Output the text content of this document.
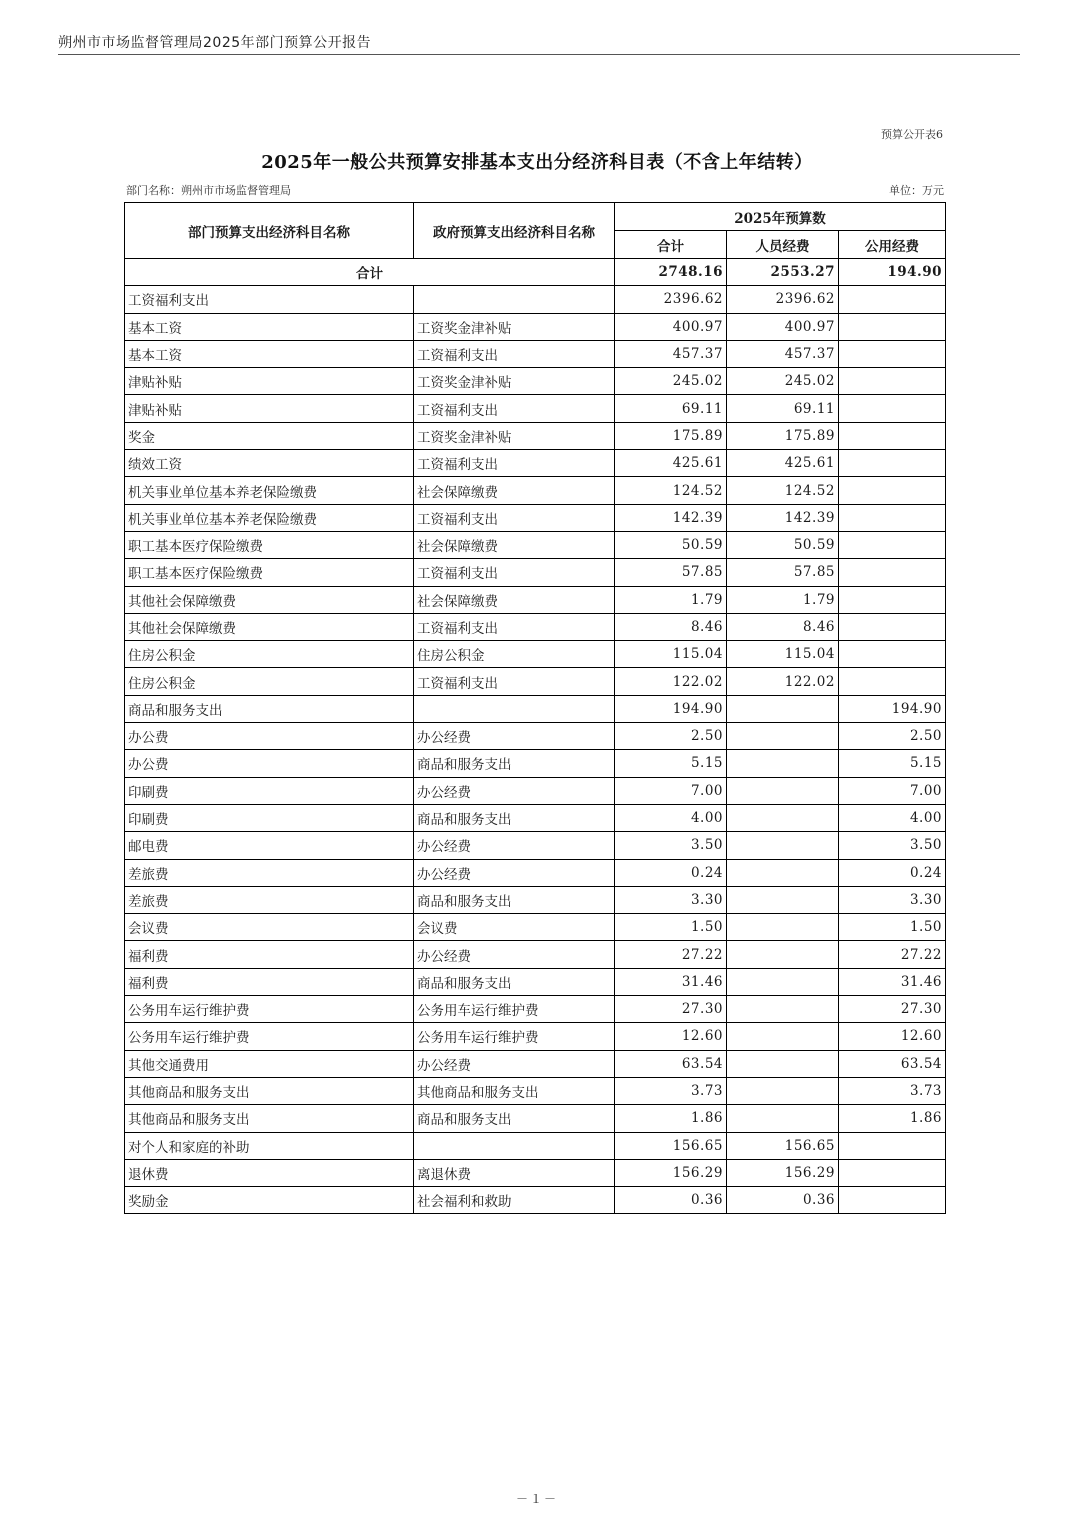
朔州市市场监督管理局2025年部门预算公开报告
预算公开表6
2025年一般公共预算安排基本支出分经济科目表（不含上年结转）
部门名称：朔州市市场监督管理局	单位：万元
部门预算支出经济科目名称	政府预算支出经济科目名称	2025年预算数		
		合计	人员经费	公用经费
合计		2748.16	2553.27	194.90
工资福利支出		2396.62	2396.62	
基本工资	工资奖金津补贴	400.97	400.97	
基本工资	工资福利支出	457.37	457.37	
津贴补贴	工资奖金津补贴	245.02	245.02	
津贴补贴	工资福利支出	69.11	69.11	
奖金	工资奖金津补贴	175.89	175.89	
绩效工资	工资福利支出	425.61	425.61	
机关事业单位基本养老保险缴费	社会保障缴费	124.52	124.52	
机关事业单位基本养老保险缴费	工资福利支出	142.39	142.39	
职工基本医疗保险缴费	社会保障缴费	50.59	50.59	
职工基本医疗保险缴费	工资福利支出	57.85	57.85	
其他社会保障缴费	社会保障缴费	1.79	1.79	
其他社会保障缴费	工资福利支出	8.46	8.46	
住房公积金	住房公积金	115.04	115.04	
住房公积金	工资福利支出	122.02	122.02	
商品和服务支出		194.90		194.90
办公费	办公经费	2.50		2.50
办公费	商品和服务支出	5.15		5.15
印刷费	办公经费	7.00		7.00
印刷费	商品和服务支出	4.00		4.00
邮电费	办公经费	3.50		3.50
差旅费	办公经费	0.24		0.24
差旅费	商品和服务支出	3.30		3.30
会议费	会议费	1.50		1.50
福利费	办公经费	27.22		27.22
福利费	商品和服务支出	31.46		31.46
公务用车运行维护费	公务用车运行维护费	27.30		27.30
公务用车运行维护费	公务用车运行维护费	12.60		12.60
其他交通费用	办公经费	63.54		63.54
其他商品和服务支出	其他商品和服务支出	3.73		3.73
其他商品和服务支出	商品和服务支出	1.86		1.86
对个人和家庭的补助		156.65	156.65	
退休费	离退休费	156.29	156.29	
奖励金	社会福利和救助	0.36	0.36	
－１－
